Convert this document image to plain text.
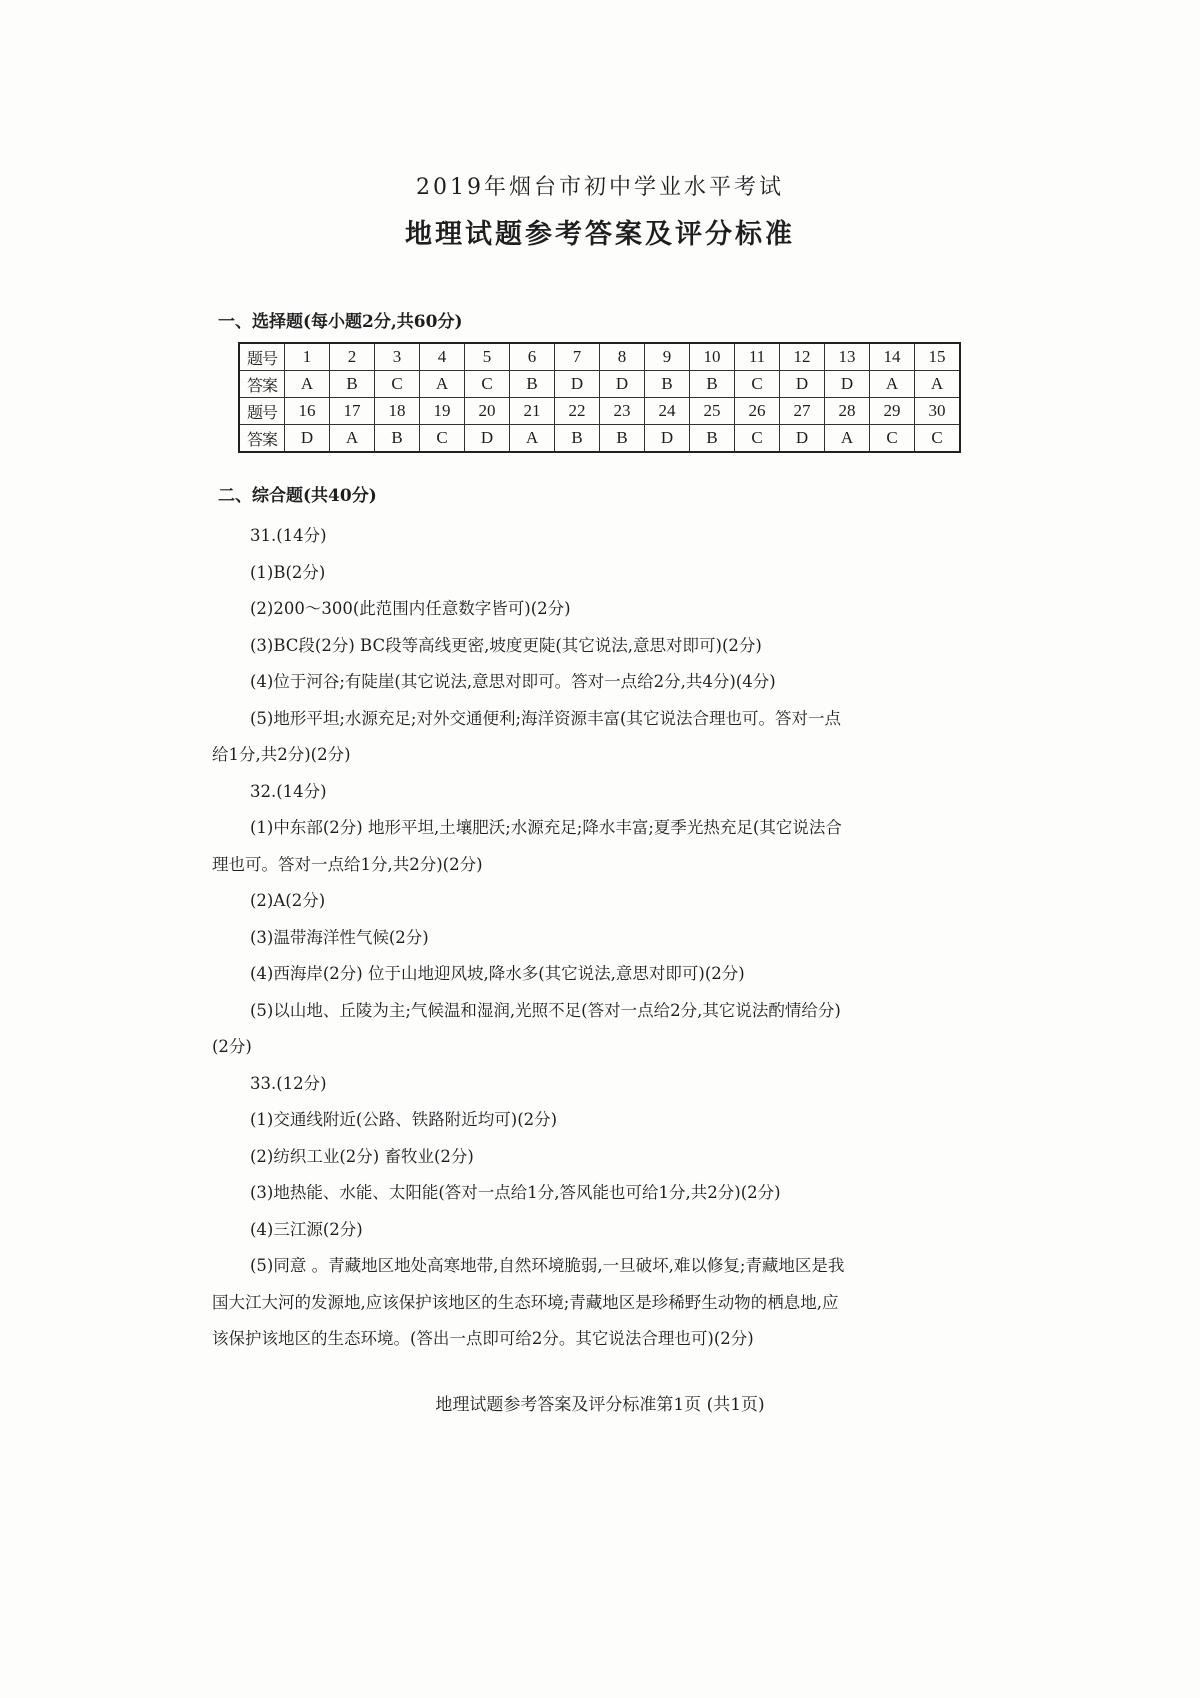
2019年烟台市初中学业水平考试
地理试题参考答案及评分标准
一、选择题(每小题2分,共60分)
题号	1	2	3	4	5	6	7	8	9	10	11	12	13	14	15
答案	A	B	C	A	C	B	D	D	B	B	C	D	D	A	A
题号	16	17	18	19	20	21	22	23	24	25	26	27	28	29	30
答案	D	A	B	C	D	A	B	B	D	B	C	D	A	C	C
二、综合题(共40分)
31.(14分)
(1)B(2分)
(2)200～300(此范围内任意数字皆可)(2分)
(3)BC段(2分) BC段等高线更密,坡度更陡(其它说法,意思对即可)(2分)
(4)位于河谷;有陡崖(其它说法,意思对即可。答对一点给2分,共4分)(4分)
(5)地形平坦;水源充足;对外交通便利;海洋资源丰富(其它说法合理也可。答对一点
给1分,共2分)(2分)
32.(14分)
(1)中东部(2分) 地形平坦,土壤肥沃;水源充足;降水丰富;夏季光热充足(其它说法合
理也可。答对一点给1分,共2分)(2分)
(2)A(2分)
(3)温带海洋性气候(2分)
(4)西海岸(2分) 位于山地迎风坡,降水多(其它说法,意思对即可)(2分)
(5)以山地、丘陵为主;气候温和湿润,光照不足(答对一点给2分,其它说法酌情给分)
(2分)
33.(12分)
(1)交通线附近(公路、铁路附近均可)(2分)
(2)纺织工业(2分) 畜牧业(2分)
(3)地热能、水能、太阳能(答对一点给1分,答风能也可给1分,共2分)(2分)
(4)三江源(2分)
(5)同意 。青藏地区地处高寒地带,自然环境脆弱,一旦破坏,难以修复;青藏地区是我
国大江大河的发源地,应该保护该地区的生态环境;青藏地区是珍稀野生动物的栖息地,应
该保护该地区的生态环境。(答出一点即可给2分。其它说法合理也可)(2分)
地理试题参考答案及评分标准第1页 (共1页)
